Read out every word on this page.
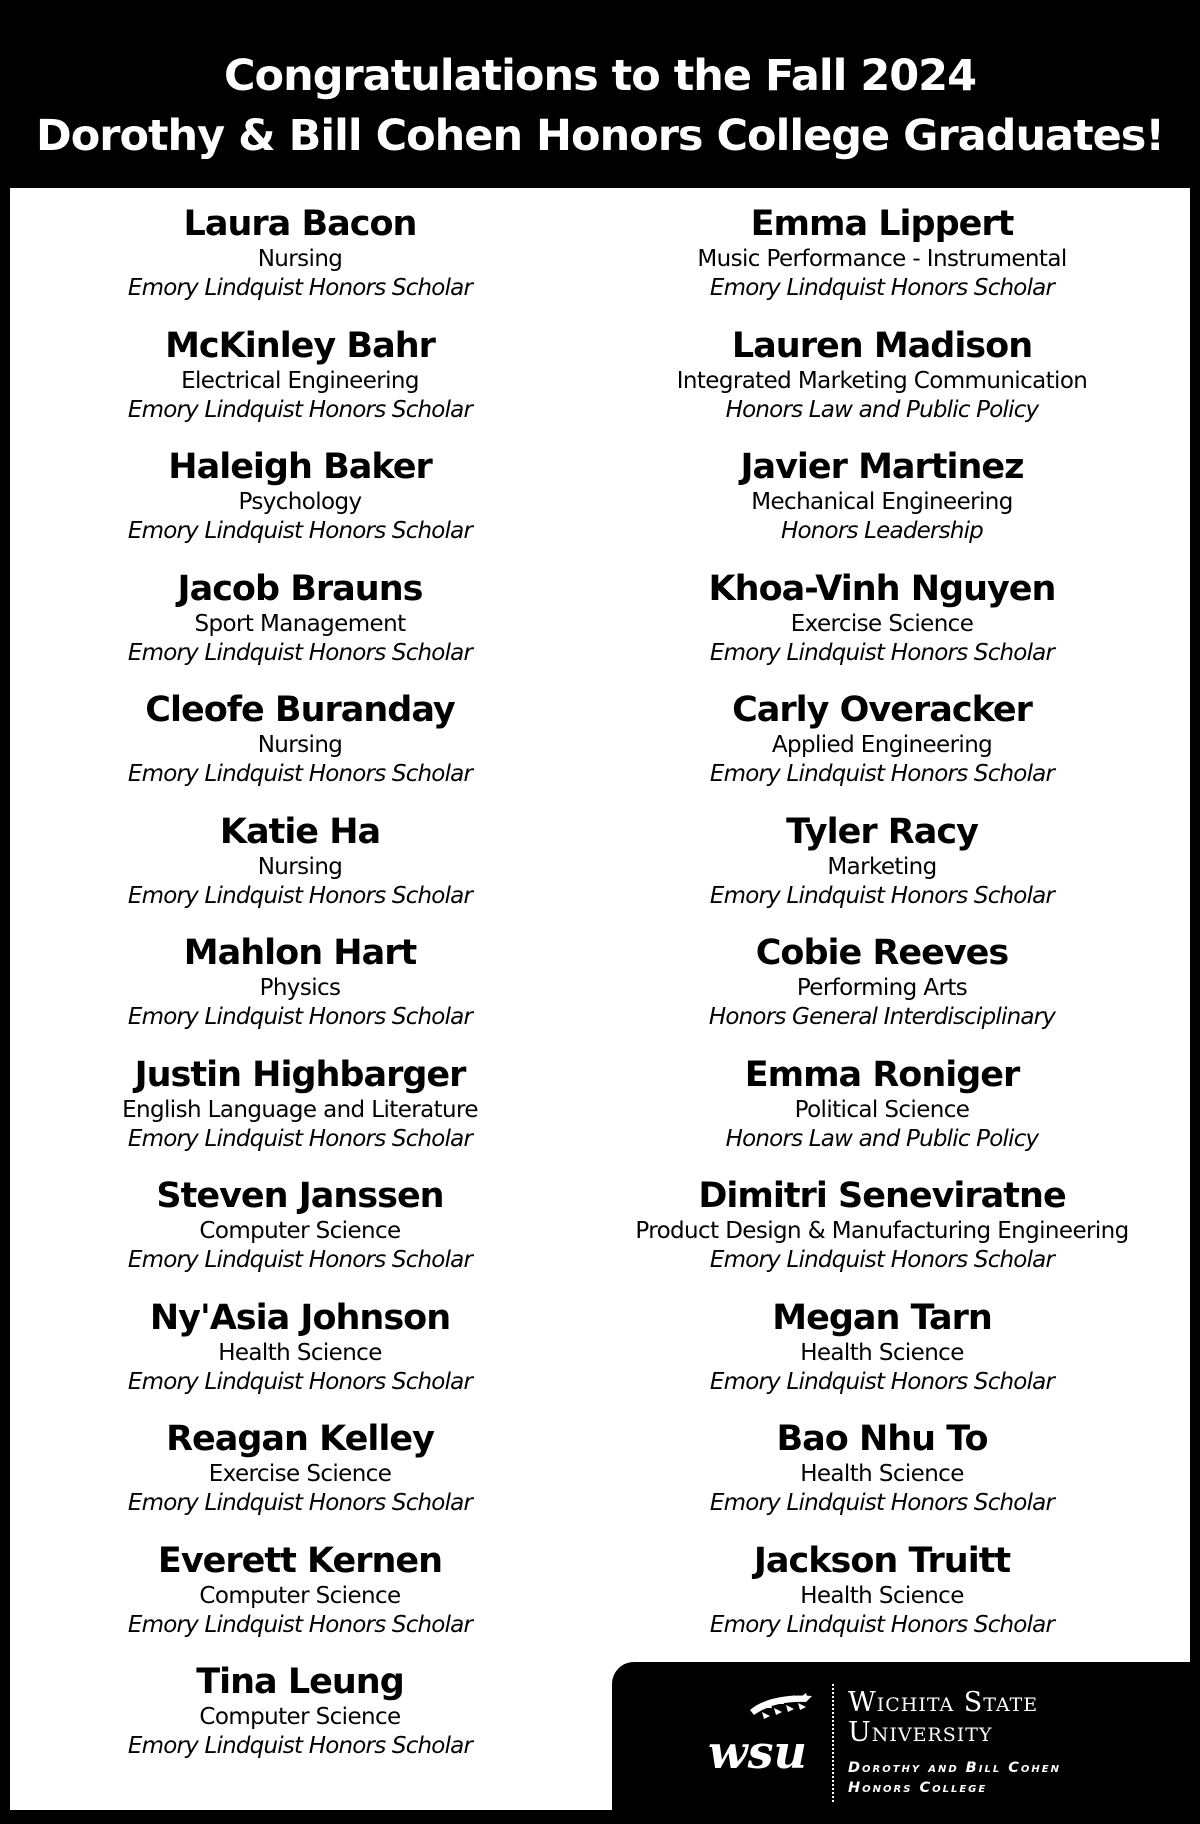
Congratulations to the Fall 2024
Dorothy & Bill Cohen Honors College Graduates!
Laura Bacon
Nursing
Emory Lindquist Honors Scholar
McKinley Bahr
Electrical Engineering
Emory Lindquist Honors Scholar
Haleigh Baker
Psychology
Emory Lindquist Honors Scholar
Jacob Brauns
Sport Management
Emory Lindquist Honors Scholar
Cleofe Buranday
Nursing
Emory Lindquist Honors Scholar
Katie Ha
Nursing
Emory Lindquist Honors Scholar
Mahlon Hart
Physics
Emory Lindquist Honors Scholar
Justin Highbarger
English Language and Literature
Emory Lindquist Honors Scholar
Steven Janssen
Computer Science
Emory Lindquist Honors Scholar
Ny'Asia Johnson
Health Science
Emory Lindquist Honors Scholar
Reagan Kelley
Exercise Science
Emory Lindquist Honors Scholar
Everett Kernen
Computer Science
Emory Lindquist Honors Scholar
Tina Leung
Computer Science
Emory Lindquist Honors Scholar
Emma Lippert
Music Performance - Instrumental
Emory Lindquist Honors Scholar
Lauren Madison
Integrated Marketing Communication
Honors Law and Public Policy
Javier Martinez
Mechanical Engineering
Honors Leadership
Khoa-Vinh Nguyen
Exercise Science
Emory Lindquist Honors Scholar
Carly Overacker
Applied Engineering
Emory Lindquist Honors Scholar
Tyler Racy
Marketing
Emory Lindquist Honors Scholar
Cobie Reeves
Performing Arts
Honors General Interdisciplinary
Emma Roniger
Political Science
Honors Law and Public Policy
Dimitri Seneviratne
Product Design & Manufacturing Engineering
Emory Lindquist Honors Scholar
Megan Tarn
Health Science
Emory Lindquist Honors Scholar
Bao Nhu To
Health Science
Emory Lindquist Honors Scholar
Jackson Truitt
Health Science
Emory Lindquist Honors Scholar
wsu
Wichita State
University
Dorothy and Bill Cohen
Honors College
